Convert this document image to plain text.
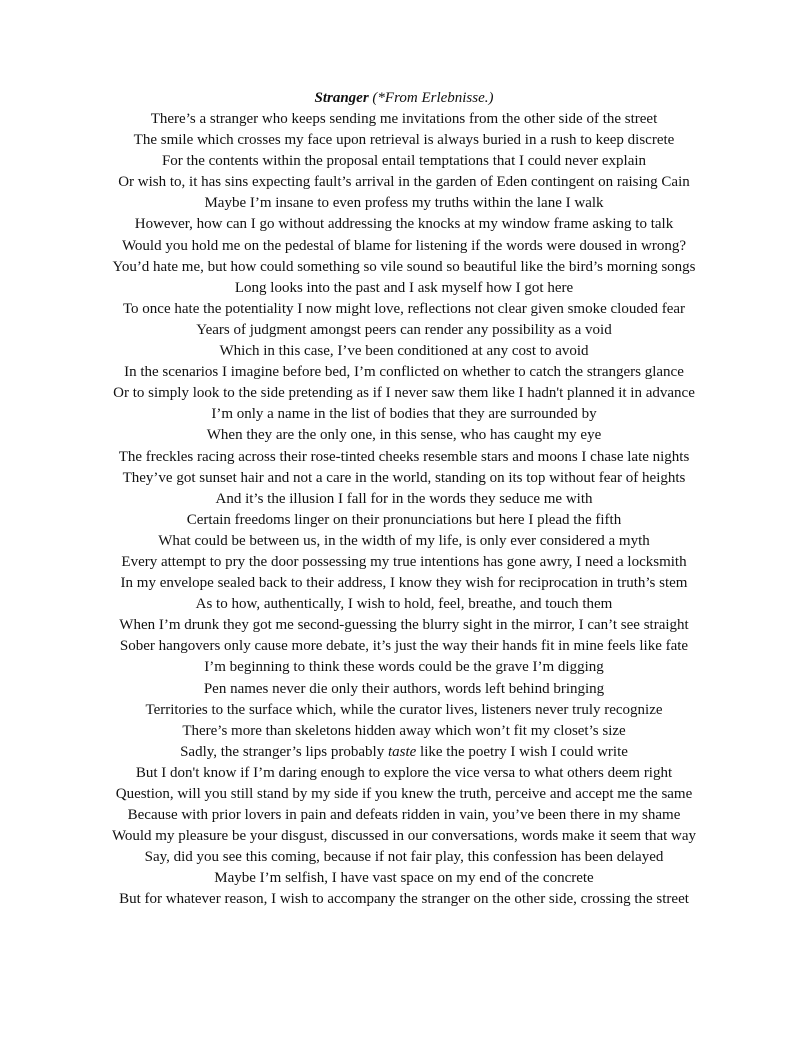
Stranger (*From Erlebnisse.)
There’s a stranger who keeps sending me invitations from the other side of the street
The smile which crosses my face upon retrieval is always buried in a rush to keep discrete
For the contents within the proposal entail temptations that I could never explain
Or wish to, it has sins expecting fault’s arrival in the garden of Eden contingent on raising Cain
Maybe I’m insane to even profess my truths within the lane I walk
However, how can I go without addressing the knocks at my window frame asking to talk
Would you hold me on the pedestal of blame for listening if the words were doused in wrong?
You’d hate me, but how could something so vile sound so beautiful like the bird’s morning songs
Long looks into the past and I ask myself how I got here
To once hate the potentiality I now might love, reflections not clear given smoke clouded fear
Years of judgment amongst peers can render any possibility as a void
Which in this case, I’ve been conditioned at any cost to avoid
In the scenarios I imagine before bed, I’m conflicted on whether to catch the strangers glance
Or to simply look to the side pretending as if I never saw them like I hadn't planned it in advance
I’m only a name in the list of bodies that they are surrounded by
When they are the only one, in this sense, who has caught my eye
The freckles racing across their rose-tinted cheeks resemble stars and moons I chase late nights
They’ve got sunset hair and not a care in the world, standing on its top without fear of heights
And it’s the illusion I fall for in the words they seduce me with
Certain freedoms linger on their pronunciations but here I plead the fifth
What could be between us, in the width of my life, is only ever considered a myth
Every attempt to pry the door possessing my true intentions has gone awry, I need a locksmith
In my envelope sealed back to their address, I know they wish for reciprocation in truth’s stem
As to how, authentically, I wish to hold, feel, breathe, and touch them
When I’m drunk they got me second-guessing the blurry sight in the mirror, I can’t see straight
Sober hangovers only cause more debate, it’s just the way their hands fit in mine feels like fate
I’m beginning to think these words could be the grave I’m digging
Pen names never die only their authors, words left behind bringing
Territories to the surface which, while the curator lives, listeners never truly recognize
There’s more than skeletons hidden away which won’t fit my closet’s size
Sadly, the stranger’s lips probably taste like the poetry I wish I could write
But I don't know if I’m daring enough to explore the vice versa to what others deem right
Question, will you still stand by my side if you knew the truth, perceive and accept me the same
Because with prior lovers in pain and defeats ridden in vain, you’ve been there in my shame
Would my pleasure be your disgust, discussed in our conversations, words make it seem that way
Say, did you see this coming, because if not fair play, this confession has been delayed
Maybe I’m selfish, I have vast space on my end of the concrete
But for whatever reason, I wish to accompany the stranger on the other side, crossing the street
